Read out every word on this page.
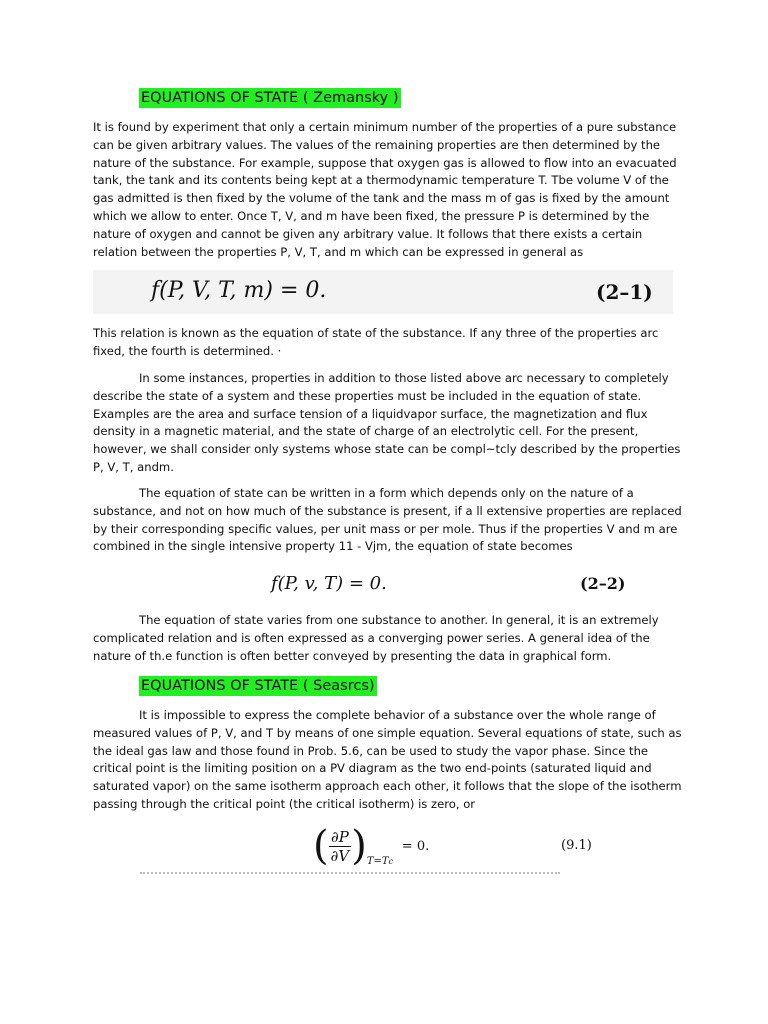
EQUATIONS OF STATE ( Zemansky )
It is found by experiment that only a certain minimum number of the properties of a pure substance
can be given arbitrary values. The values of the remaining properties are then determined by the
nature of the substance. For example, suppose that oxygen gas is allowed to flow into an evacuated
tank, the tank and its contents being kept at a thermodynamic temperature T. Tbe volume V of the
gas admitted is then fixed by the volume of the tank and the mass m of gas is fixed by the amount
which we allow to enter. Once T, V, and m have been fixed, the pressure P is determined by the
nature of oxygen and cannot be given any arbitrary value. It follows that there exists a certain
relation between the properties P, V, T, and m which can be expressed in general as
f(P, V, T, m) = 0.	(2–1)
This relation is known as the equation of state of the substance. If any three of the properties arc
fixed, the fourth is determined. ·
In some instances, properties in addition to those listed above arc necessary to completely
describe the state of a system and these properties must be included in the equation of state.
Examples are the area and surface tension of a liquidvapor surface, the magnetization and flux
density in a magnetic material, and the state of charge of an electrolytic cell. For the present,
however, we shall consider only systems whose state can be compl~tcly described by the properties
P, V, T, andm.
The equation of state can be written in a form which depends only on the nature of a
substance, and not on how much of the substance is present, if a ll extensive properties are replaced
by their corresponding specific values, per unit mass or per mole. Thus if the properties V and m are
combined in the single intensive property 11 - Vjm, the equation of state becomes
f(P, v, T) = 0.	(2–2)
The equation of state varies from one substance to another. In general, it is an extremely
complicated relation and is often expressed as a converging power series. A general idea of the
nature of th.e function is often better conveyed by presenting the data in graphical form.
EQUATIONS OF STATE ( Seasrcs)
It is impossible to express the complete behavior of a substance over the whole range of
measured values of P, V, and T by means of one simple equation. Several equations of state, such as
the ideal gas law and those found in Prob. 5.6, can be used to study the vapor phase. Since the
critical point is the limiting position on a PV diagram as the two end-points (saturated liquid and
saturated vapor) on the same isotherm approach each other, it follows that the slope of the isotherm
passing through the critical point (the critical isotherm) is zero, or
( $\frac{\partial P}{\partial V} )_{T=Tc} = 0$.	(9.1)
